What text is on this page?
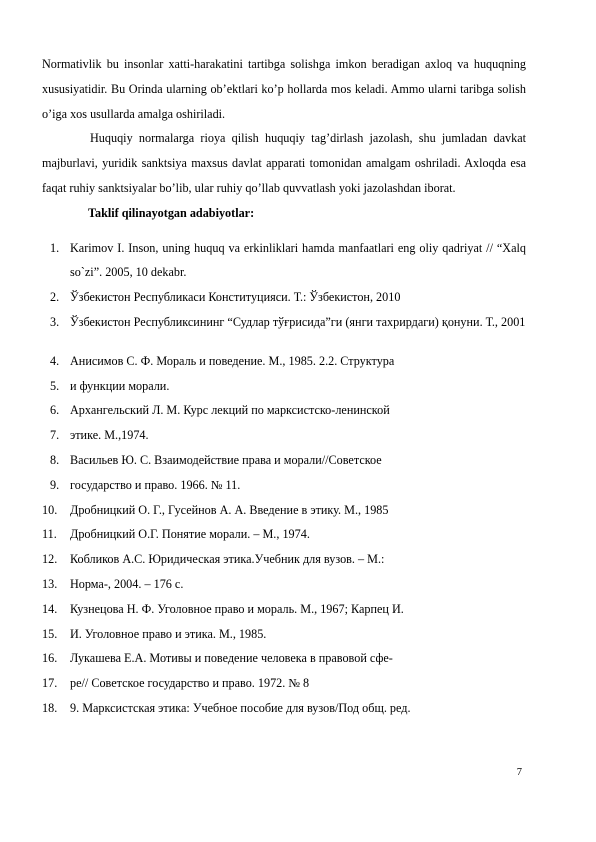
Normativlik bu insonlar xatti-harakatini tartibga solishga imkon beradigan axloq va huquqning xususiyatidir. Bu Orinda ularning ob’ektlari ko’p hollarda mos keladi. Ammo ularni taribga solish o’iga xos usullarda amalga oshiriladi.

Huquqiy normalarga rioya qilish huquqiy tag’dirlash jazolash, shu jumladan davkat majburlavi, yuridik sanktsiya maxsus davlat apparati tomonidan amalgam oshriladi. Axloqda esa faqat ruhiy sanktsiyalar bo’lib, ular ruhiy qo’llab quvvatlash yoki jazolashdan iborat.

Taklif qilinayotgan adabiyotlar:

1. Karimov I. Inson, uning huquq va erkinliklari hamda manfaatlari eng oliy qadriyat // “Xalq so`zi”. 2005, 10 dekabr.
2. Ўзбекистон Республикаси Конституцияси. Т.: Ўзбекистон, 2010
3. Ўзбекистон Республиксининг “Судлар тўғрисида”ги (янги тахрирдаги) қонуни. Т., 2001
4. Анисимов С. Ф. Мораль и поведение. М., 1985. 2.2. Структура
5. и функции морали.
6. Архангельский Л. М. Курс лекций по марксистско-ленинской
7. этике. М.,1974.
8. Васильев Ю. С. Взаимодействие права и морали//Советское
9. государство и право. 1966. № 11.
10. Дробницкий О. Г., Гусейнов А. А. Введение в этику. М., 1985
11. Дробницкий О.Г. Понятие морали. – М., 1974.
12. Кобликов А.С. Юридическая этика.Учебник для вузов. – М.:
13. Норма-, 2004. – 176 с.
14. Кузнецова Н. Ф. Уголовное право и мораль. М., 1967; Карпец И.
15. И. Уголовное право и этика. М., 1985.
16. Лукашева Е.А. Мотивы и поведение человека в правовой сфе-
17. ре// Советское государство и право. 1972. № 8
18. 9. Марксистская этика: Учебное пособие для вузов/Под общ. ред.
7
